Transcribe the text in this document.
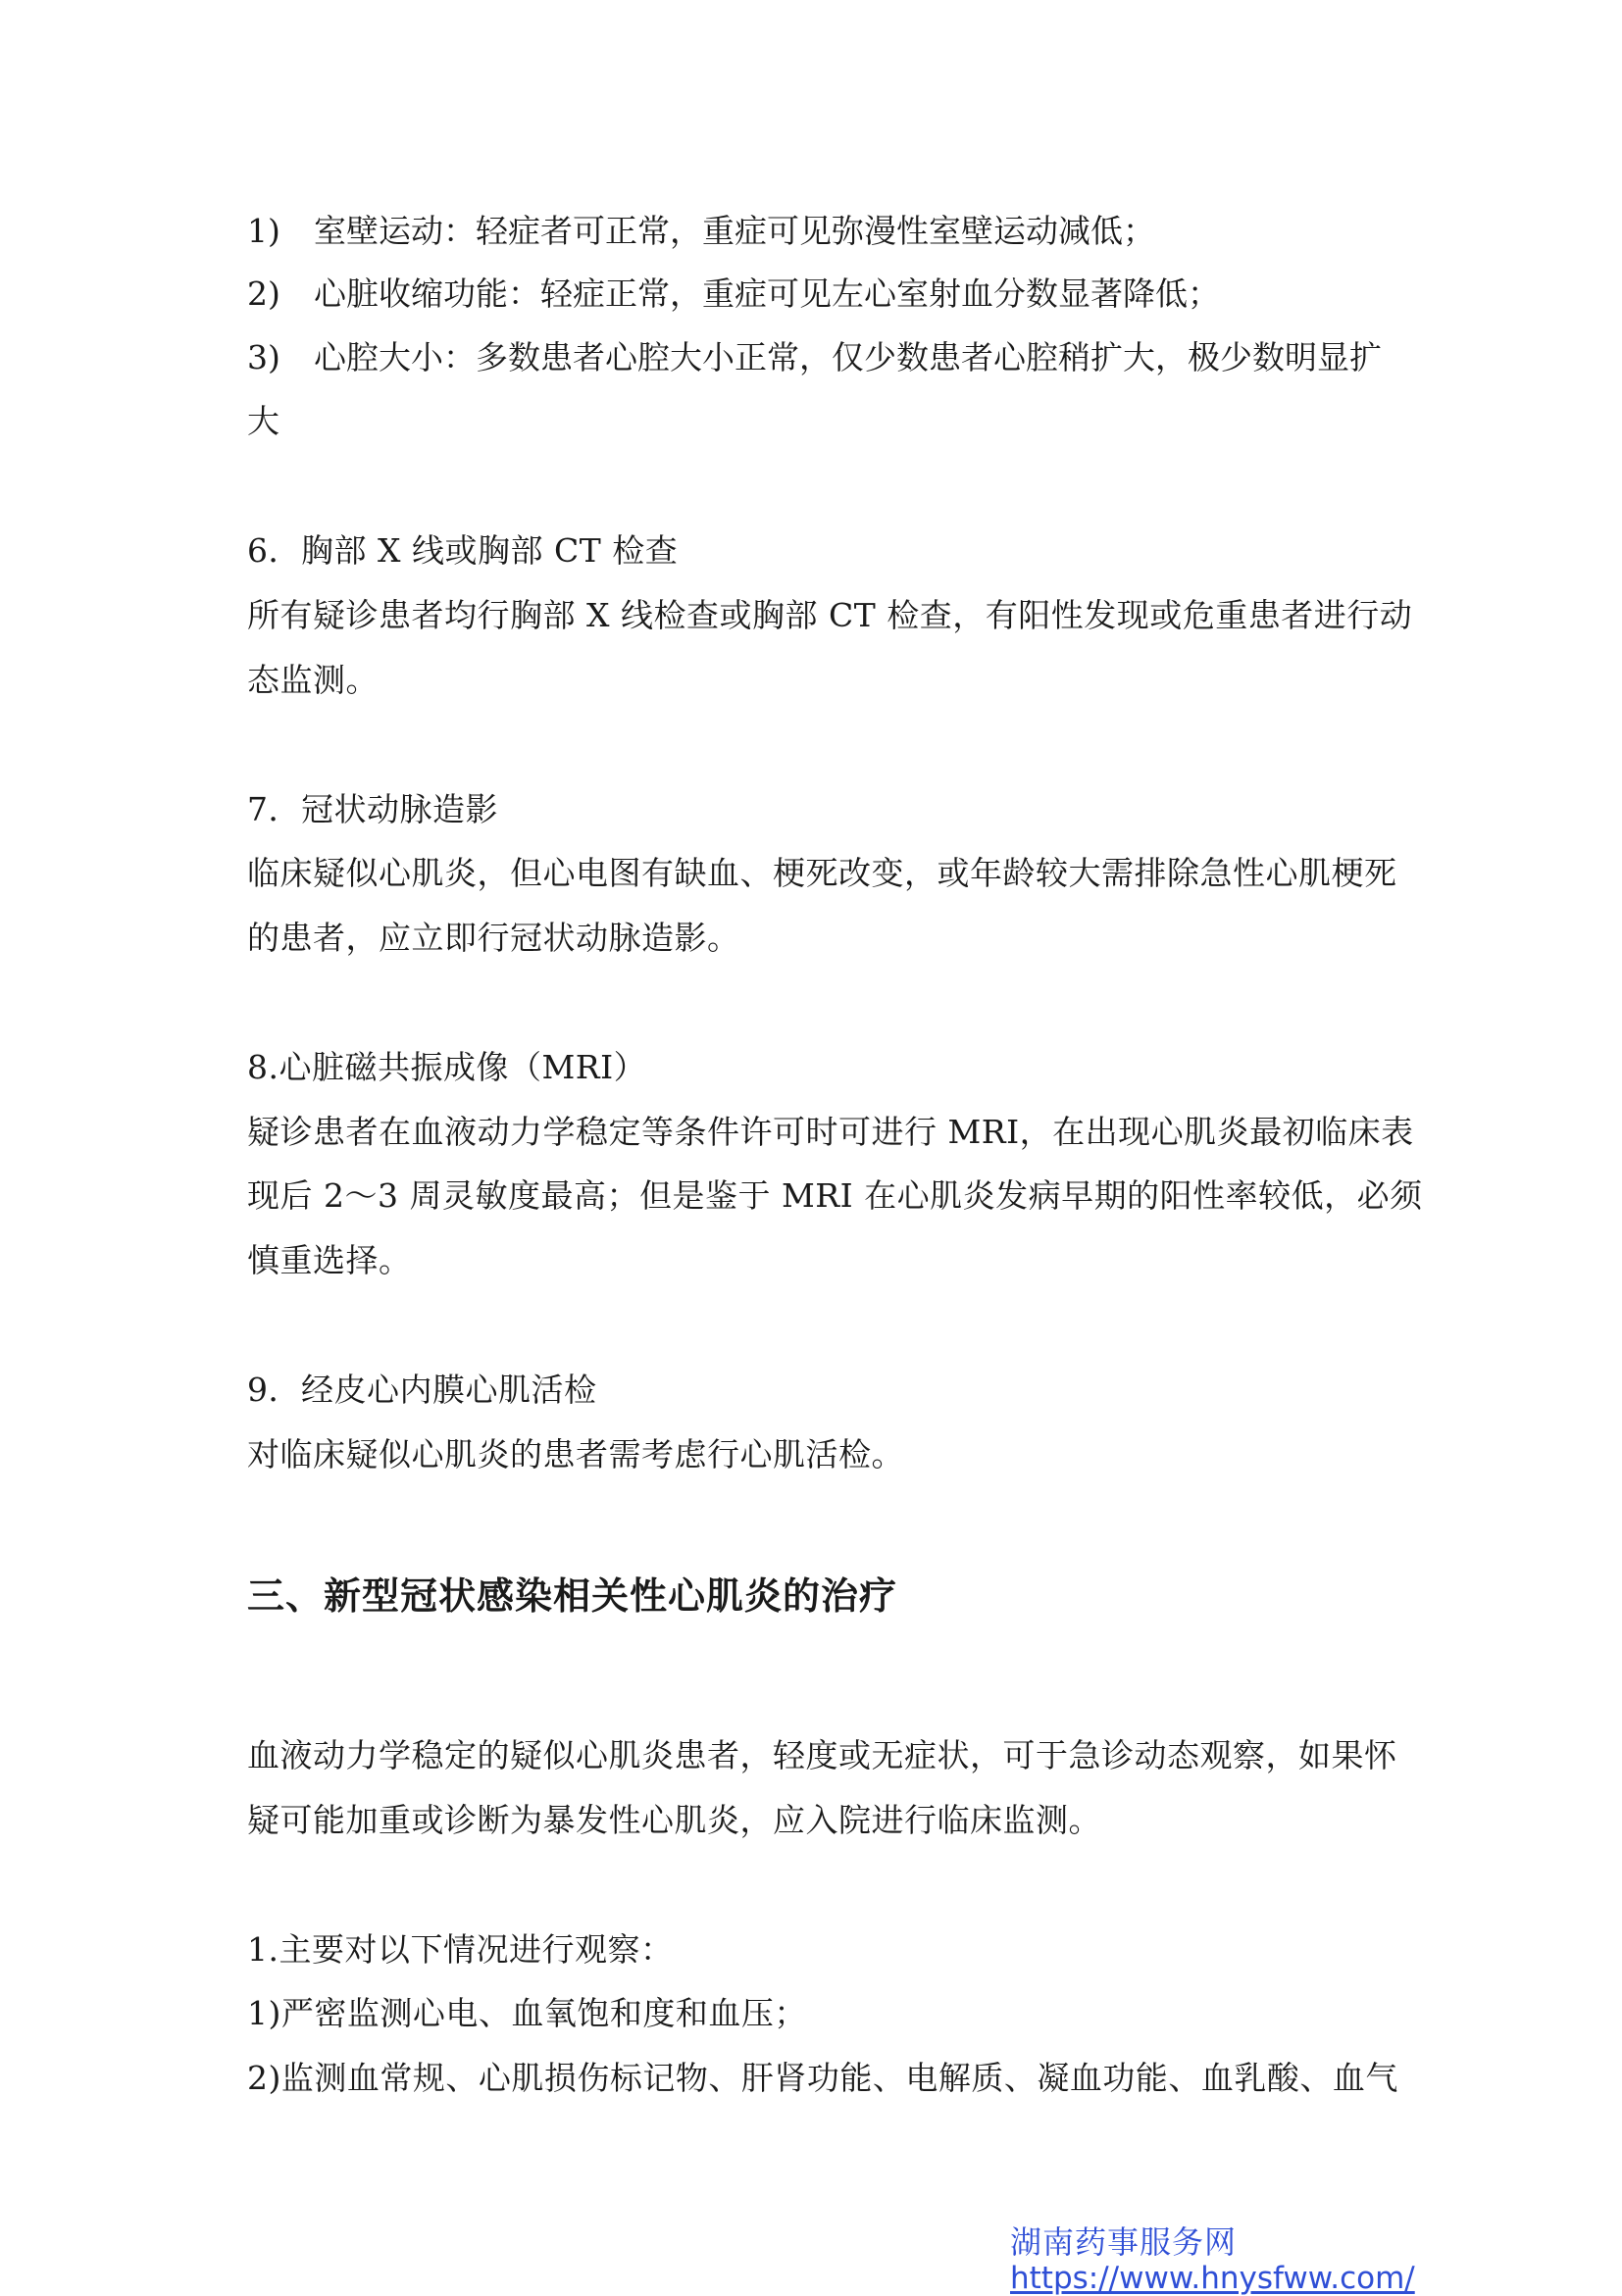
1) 室壁运动：轻症者可正常，重症可见弥漫性室壁运动减低；
2) 心脏收缩功能：轻症正常，重症可见左心室射血分数显著降低；
3) 心腔大小：多数患者心腔大小正常，仅少数患者心腔稍扩大，极少数明显扩
大
6．胸部 X 线或胸部 CT 检查
所有疑诊患者均行胸部 X 线检查或胸部 CT 检查，有阳性发现或危重患者进行动
态监测。
7．冠状动脉造影
临床疑似心肌炎，但心电图有缺血、梗死改变，或年龄较大需排除急性心肌梗死
的患者，应立即行冠状动脉造影。
8.心脏磁共振成像（MRI）
疑诊患者在血液动力学稳定等条件许可时可进行 MRI，在出现心肌炎最初临床表
现后 2～3 周灵敏度最高；但是鉴于 MRI 在心肌炎发病早期的阳性率较低，必须
慎重选择。
9．经皮心内膜心肌活检
对临床疑似心肌炎的患者需考虑行心肌活检。
三、新型冠状感染相关性心肌炎的治疗
血液动力学稳定的疑似心肌炎患者，轻度或无症状，可于急诊动态观察，如果怀
疑可能加重或诊断为暴发性心肌炎，应入院进行临床监测。
1.主要对以下情况进行观察：
1)严密监测心电、血氧饱和度和血压；
2)监测血常规、心肌损伤标记物、肝肾功能、电解质、凝血功能、血乳酸、血气
湖南药事服务网
https://www.hnysfww.com/
